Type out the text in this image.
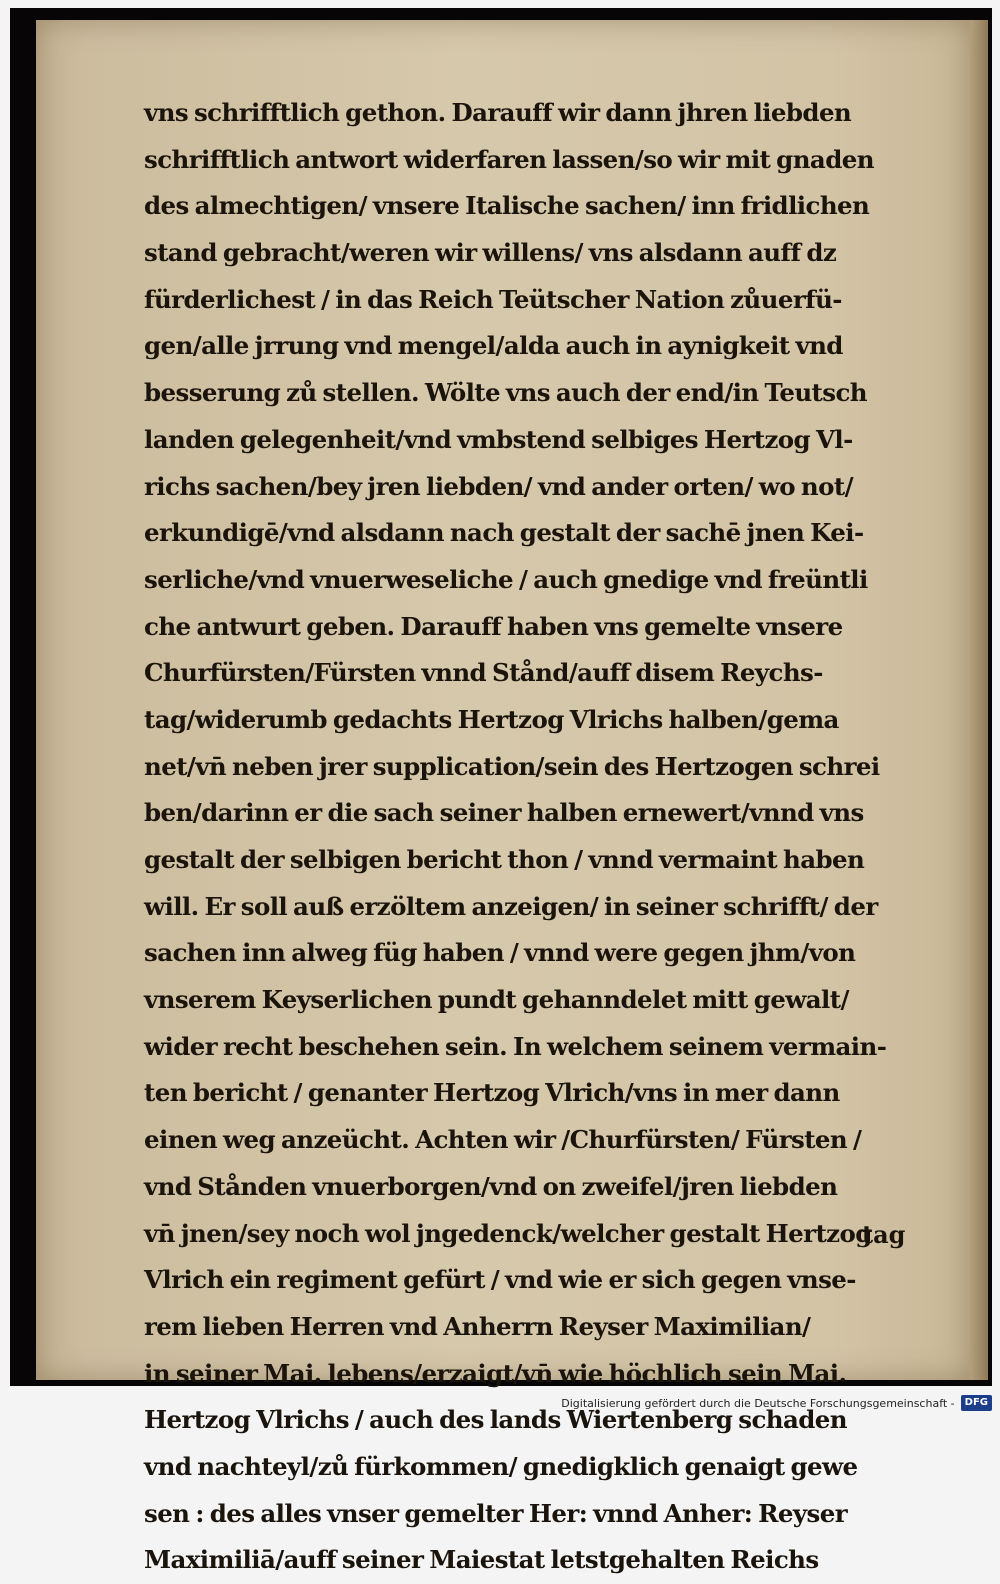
vns schrifftlich gethon. Darauff wir dann jhren liebden
schrifftlich antwort widerfaren lassen/so wir mit gnaden
des almechtigen/ vnsere Italische sachen/ inn fridlichen
stand gebracht/weren wir willens/ vns alsdann auff dz
fürderlichest / in das Reich Teütscher Nation zůuerfü-
gen/alle jrrung vnd mengel/alda auch in aynigkeit vnd
besserung zů stellen. Wölte vns auch der end/in Teutsch
landen gelegenheit/vnd vmbstend selbiges Hertzog Vl-
richs sachen/bey jren liebden/ vnd ander orten/ wo not/
erkundigē/vnd alsdann nach gestalt der sachē jnen Kei-
serliche/vnd vnuerweseliche / auch gnedige vnd freüntli
che antwurt geben. Darauff haben vns gemelte vnsere
Churfürsten/Fürsten vnnd Stånd/auff disem Reychs-
tag/widerumb gedachts Hertzog Vlrichs halben/gema
net/vn̄ neben jrer supplication/sein des Hertzogen schrei
ben/darinn er die sach seiner halben ernewert/vnnd vns
gestalt der selbigen bericht thon / vnnd vermaint haben
will. Er soll auß erzöltem anzeigen/ in seiner schrifft/ der
sachen inn alweg füg haben / vnnd were gegen jhm/von
vnserem Keyserlichen pundt gehanndelet mitt gewalt/
wider recht beschehen sein. In welchem seinem vermain-
ten bericht / genanter Hertzog Vlrich/vns in mer dann
einen weg anzeücht. Achten wir /Churfürsten/ Fürsten /
vnd Stånden vnuerborgen/vnd on zweifel/jren liebden
vn̄ jnen/sey noch wol jngedenck/welcher gestalt Hertzog
Vlrich ein regiment gefürt / vnd wie er sich gegen vnse-
rem lieben Herren vnd Anherrn Reyser Maximilian/
in seiner Mai. lebens/erzaigt/vn̄ wie höchlich sein Mai.
Hertzog Vlrichs / auch des lands Wiertenberg schaden
vnd nachteyl/zů fürkommen/ gnedigklich genaigt gewe
sen : des alles vnser gemelter Her: vnnd Anher: Reyser
Maximiliā/auff seiner Maiestat letstgehalten Reichs
tag
Digitalisierung gefördert durch die Deutsche Forschungsgemeinschaft -	DFG
